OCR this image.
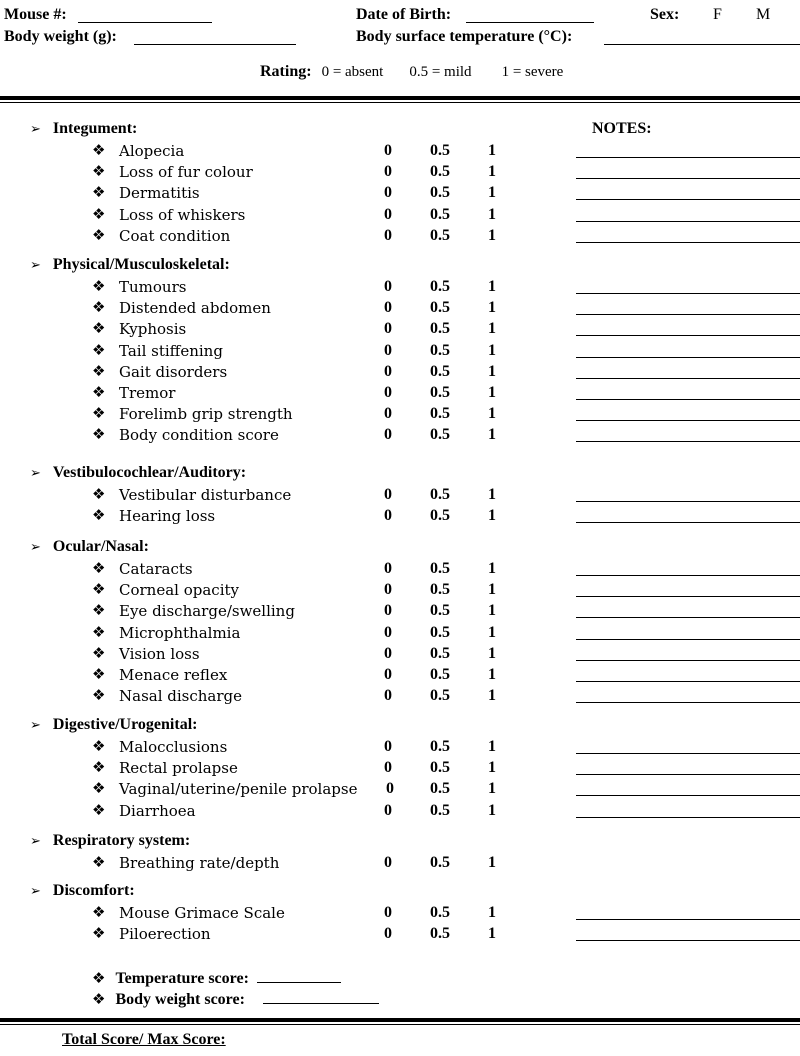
Mouse #:	Date of Birth:	Sex: F M
Body weight (g):	Body surface temperature (°C):
Rating: 0 = absent 0.5 = mild 1 = severe
NOTES:
➢ Integument:
❖ Alopecia	0 0.5 1
❖ Loss of fur colour	0 0.5 1
❖ Dermatitis	0 0.5 1
❖ Loss of whiskers	0 0.5 1
❖ Coat condition	0 0.5 1
➢ Physical/Musculoskeletal:
❖ Tumours	0 0.5 1
❖ Distended abdomen	0 0.5 1
❖ Kyphosis	0 0.5 1
❖ Tail stiffening	0 0.5 1
❖ Gait disorders	0 0.5 1
❖ Tremor	0 0.5 1
❖ Forelimb grip strength	0 0.5 1
❖ Body condition score	0 0.5 1
➢ Vestibulocochlear/Auditory:
❖ Vestibular disturbance	0 0.5 1
❖ Hearing loss	0 0.5 1
➢ Ocular/Nasal:
❖ Cataracts	0 0.5 1
❖ Corneal opacity	0 0.5 1
❖ Eye discharge/swelling	0 0.5 1
❖ Microphthalmia	0 0.5 1
❖ Vision loss	0 0.5 1
❖ Menace reflex	0 0.5 1
❖ Nasal discharge	0 0.5 1
➢ Digestive/Urogenital:
❖ Malocclusions	0 0.5 1
❖ Rectal prolapse	0 0.5 1
❖ Vaginal/uterine/penile prolapse 0 0.5 1
❖ Diarrhoea	0 0.5 1
➢ Respiratory system:
❖ Breathing rate/depth	0 0.5 1
➢ Discomfort:
❖ Mouse Grimace Scale	0 0.5 1
❖ Piloerection	0 0.5 1
❖ Temperature score:
❖ Body weight score:
Total Score/ Max Score:
